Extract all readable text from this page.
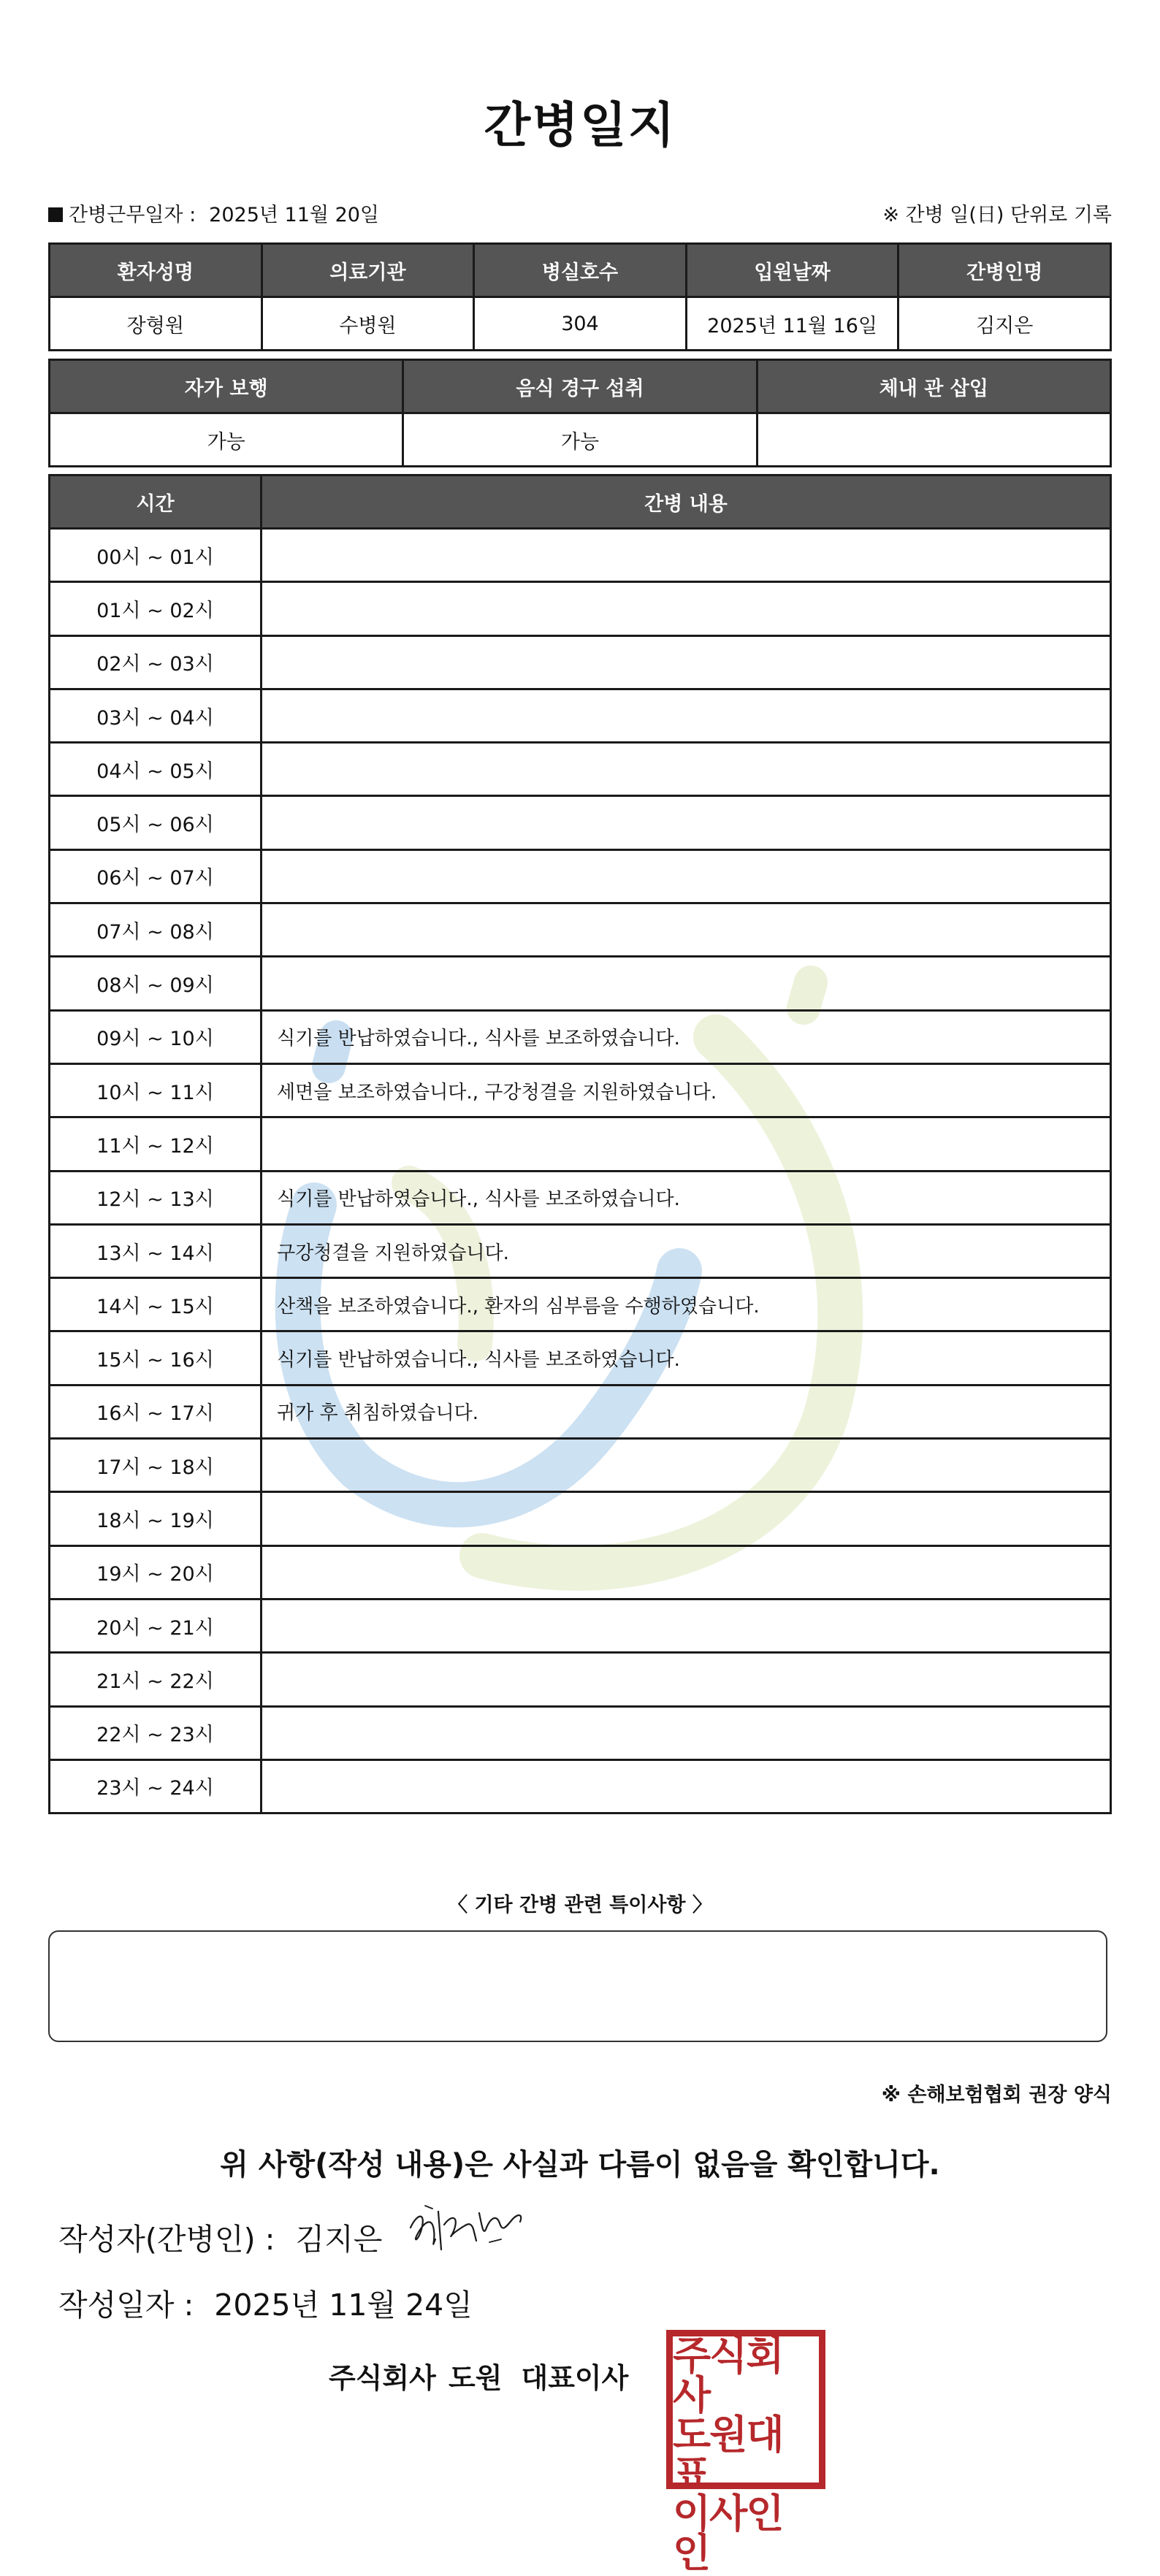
간병일지
간병근무일자 : 2025년 11월 20일	※ 간병 일(日) 단위로 기록
환자성명	의료기관	병실호수	입원날짜	간병인명
장형원	수병원	304	2025년 11월 16일	김지은
자가 보행	음식 경구 섭취	체내 관 삽입
가능	가능	
시간	간병 내용
00시 ~ 01시	
01시 ~ 02시	
02시 ~ 03시	
03시 ~ 04시	
04시 ~ 05시	
05시 ~ 06시	
06시 ~ 07시	
07시 ~ 08시	
08시 ~ 09시	
09시 ~ 10시	식기를 반납하였습니다., 식사를 보조하였습니다.
10시 ~ 11시	세면을 보조하였습니다., 구강청결을 지원하였습니다.
11시 ~ 12시	
12시 ~ 13시	식기를 반납하였습니다., 식사를 보조하였습니다.
13시 ~ 14시	구강청결을 지원하였습니다.
14시 ~ 15시	산책을 보조하였습니다., 환자의 심부름을 수행하였습니다.
15시 ~ 16시	식기를 반납하였습니다., 식사를 보조하였습니다.
16시 ~ 17시	귀가 후 취침하였습니다.
17시 ~ 18시	
18시 ~ 19시	
19시 ~ 20시	
20시 ~ 21시	
21시 ~ 22시	
22시 ~ 23시	
23시 ~ 24시	
〈 기타 간병 관련 특이사항 〉
※ 손해보험협회 권장 양식
위 사항(작성 내용)은 사실과 다름이 없음을 확인합니다.
작성자(간병인) : 김지은
작성일자 : 2025년 11월 24일
주식회사 도원 대표이사 주식회사
도원대표
이사인인
